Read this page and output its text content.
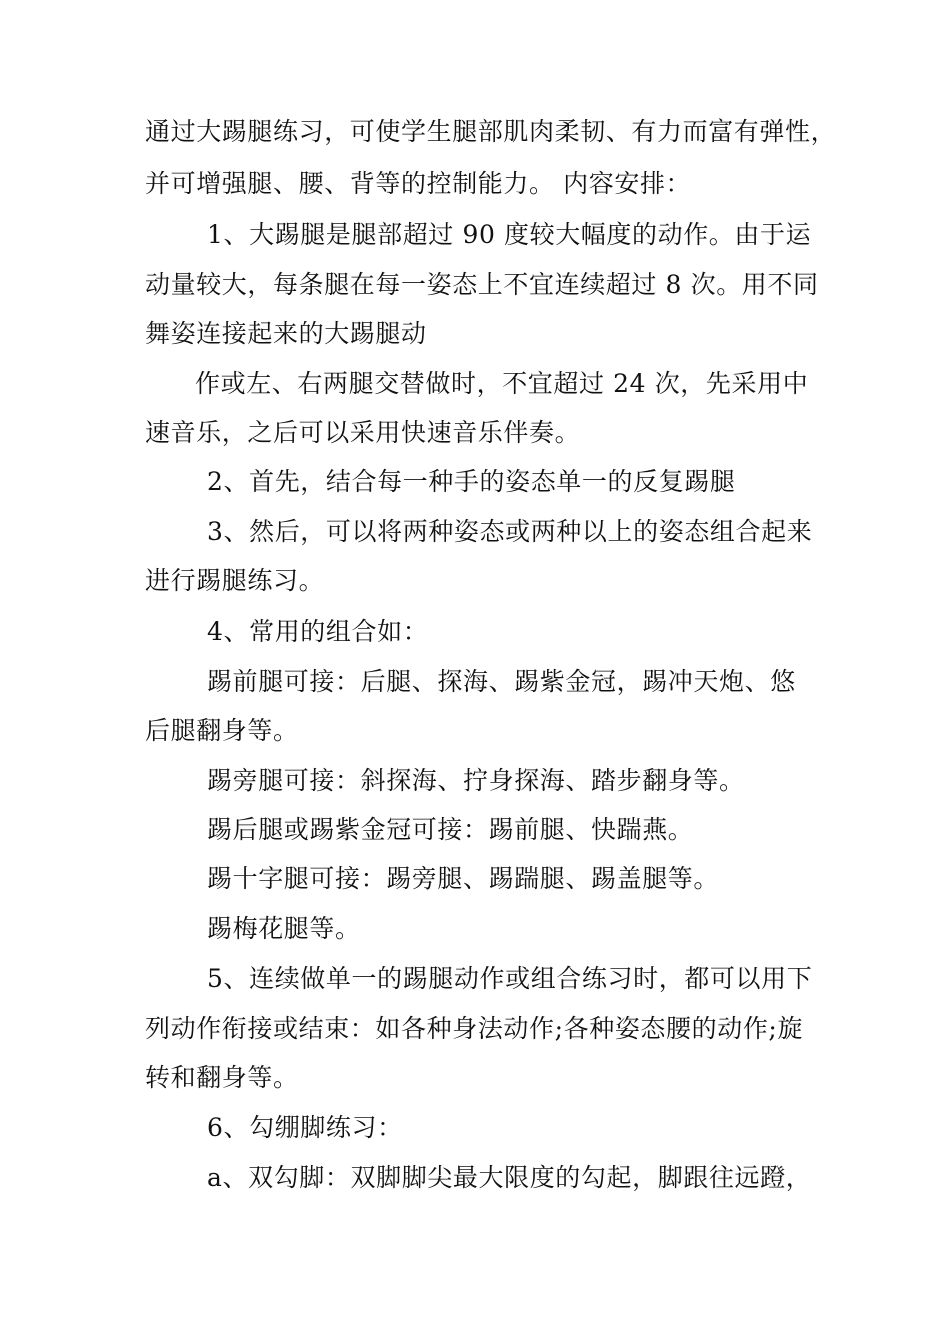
通过大踢腿练习，可使学生腿部肌肉柔韧、有力而富有弹性，
并可增强腿、腰、背等的控制能力。 内容安排：
1、大踢腿是腿部超过 90 度较大幅度的动作。由于运
动量较大，每条腿在每一姿态上不宜连续超过 8 次。用不同
舞姿连接起来的大踢腿动
作或左、右两腿交替做时，不宜超过 24 次，先采用中
速音乐，之后可以采用快速音乐伴奏。
2、首先，结合每一种手的姿态单一的反复踢腿
3、然后，可以将两种姿态或两种以上的姿态组合起来
进行踢腿练习。
4、常用的组合如：
踢前腿可接：后腿、探海、踢紫金冠，踢冲天炮、悠
后腿翻身等。
踢旁腿可接：斜探海、拧身探海、踏步翻身等。
踢后腿或踢紫金冠可接：踢前腿、快踹燕。
踢十字腿可接：踢旁腿、踢踹腿、踢盖腿等。
踢梅花腿等。
5、连续做单一的踢腿动作或组合练习时，都可以用下
列动作衔接或结束：如各种身法动作;各种姿态腰的动作;旋
转和翻身等。
6、勾绷脚练习：
a、双勾脚：双脚脚尖最大限度的勾起，脚跟往远蹬，
